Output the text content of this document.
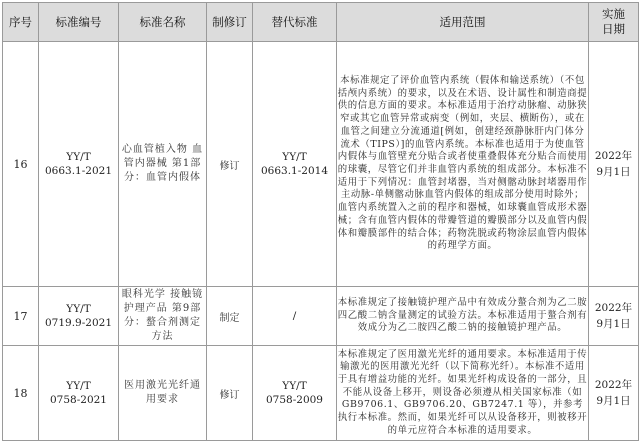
序号	标准编号	标准名称	制修订	替代标准	适用范围	实施
日期

16	YY/T
0663.1-2021	心血管植入物 血管内器械 第1部分：血管内假体	修订	YY/T
0663.1-2014	本标准规定了评价血管内系统（假体和输送系统）（不包括颅内系统）的要求，以及在术语、设计属性和制造商提供的信息方面的要求。本标准适用于治疗动脉瘤、动脉狭窄或其它血管异常或病变（例如，夹层、横断伤），或在血管之间建立分流通道[例如，创建经颈静脉肝内门体分流术（TIPS）]的血管内系统。本标准也适用于为使血管内假体与血管壁充分贴合或者使重叠假体充分贴合而使用的球囊，尽管它们并非血管内系统的组成部分。本标准不适用于下列情况：血管封堵器，当对侧髂动脉封堵器用作主动脉-单侧髂动脉血管内假体的组成部分使用时除外；血管内系统置入之前的程序和器械，如球囊血管成形术器械；含有血管内假体的带瓣管道的瓣膜部分以及血管内假体和瓣膜部件的结合体；药物洗脱或药物涂层血管内假体的药理学方面。	2022年
9月1日

17	YY/T
0719.9-2021	眼科光学 接触镜护理产品 第9部分：螯合剂测定方法	制定	/	本标准规定了接触镜护理产品中有效成分螯合剂为乙二胺四乙酸二钠含量测定的试验方法。本标准适用于螯合剂有效成分为乙二胺四乙酸二钠的接触镜护理产品。	2022年
9月1日

18	YY/T
0758-2021	医用激光光纤通用要求	修订	YY/T
0758-2009	本标准规定了医用激光光纤的通用要求。本标准适用于传输激光的医用激光光纤（以下简称光纤）。本标准不适用于具有增益功能的光纤。如果光纤构成设备的一部分，且不能从设备上移开，则设备必须遵从相关国家标准（如 GB9706.1、GB9706.20、GB7247.1 等），并参考执行本标准。然而，如果光纤可以从设备移开，则被移开的单元应符合本标准的适用要求。	2022年
9月1日
